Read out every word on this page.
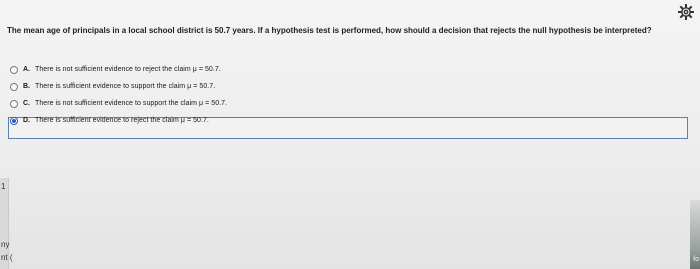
The mean age of principals in a local school district is 50.7 years. If a hypothesis test is performed, how should a decision that rejects the null hypothesis be interpreted?
A. There is not sufficient evidence to reject the claim μ = 50.7.
B. There is sufficient evidence to support the claim μ = 50.7.
C. There is not sufficient evidence to support the claim μ = 50.7.
D. There is sufficient evidence to reject the claim μ = 50.7.
1
ny
nt (	fo
